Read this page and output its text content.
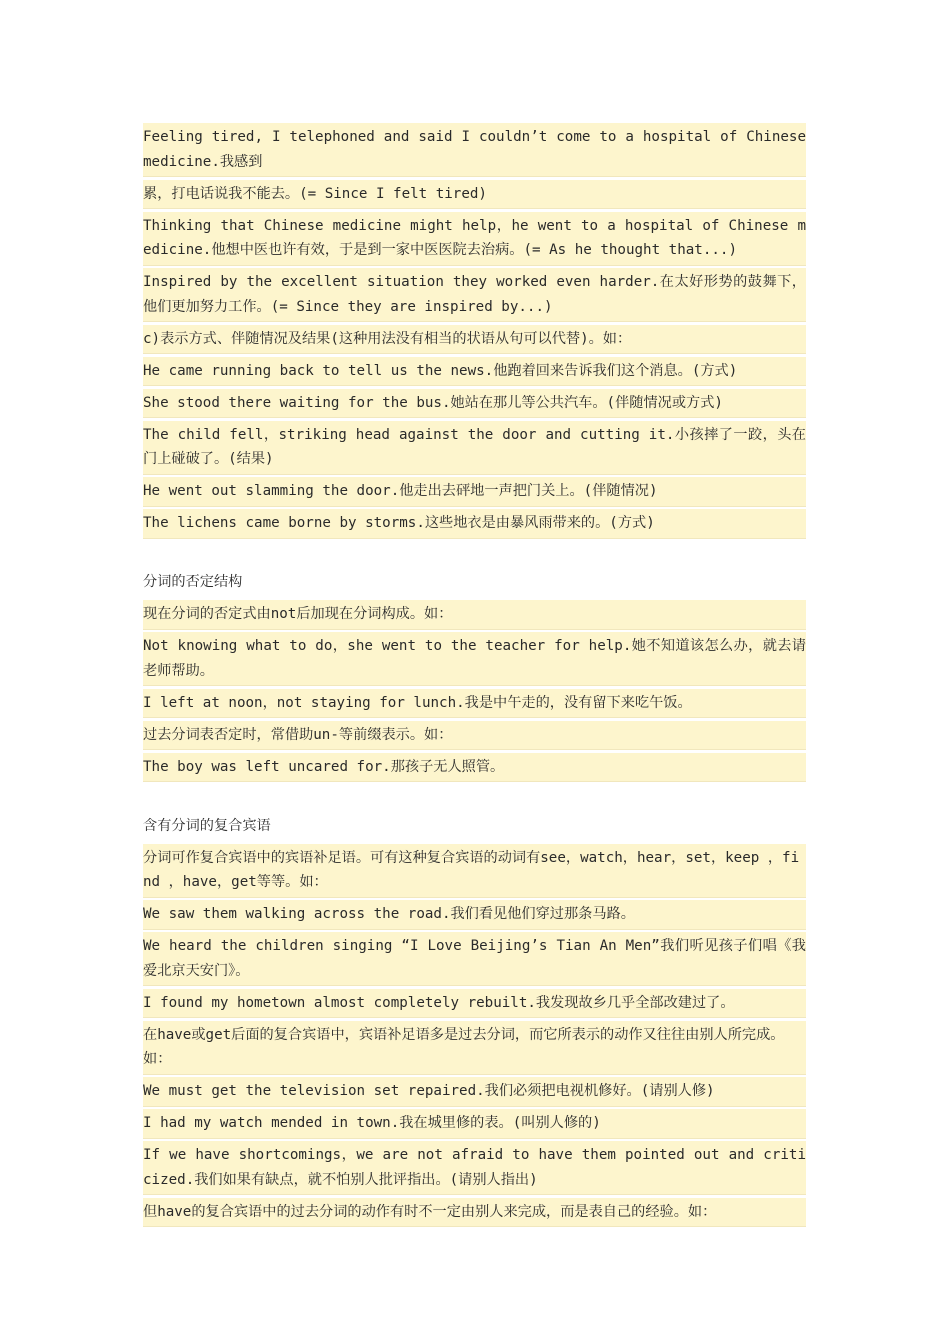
Feeling tired, I telephoned and said I couldn’t come to a hospital of Chinese medicine.我感到
累，打电话说我不能去。(= Since I felt tired)
Thinking that Chinese medicine might help，he went to a hospital of Chinese medicine.他想中医也许有效，于是到一家中医医院去治病。(= As he thought that...)
Inspired by the excellent situation they worked even harder.在太好形势的鼓舞下，他们更加努力工作。(= Since they are inspired by...)
c)表示方式、伴随情况及结果(这种用法没有相当的状语从句可以代替)。如：
He came running back to tell us the news.他跑着回来告诉我们这个消息。(方式)
She stood there waiting for the bus.她站在那儿等公共汽车。(伴随情况或方式)
The child fell，striking head against the door and cutting it.小孩摔了一跤，头在门上碰破了。(结果)
He went out slamming the door.他走出去砰地一声把门关上。(伴随情况)
The lichens came borne by storms.这些地衣是由暴风雨带来的。(方式)
分词的否定结构
现在分词的否定式由not后加现在分词构成。如：
Not knowing what to do，she went to the teacher for help.她不知道该怎么办，就去请老师帮助。
I left at noon，not staying for lunch.我是中午走的，没有留下来吃午饭。
过去分词表否定时，常借助un-等前缀表示。如：
The boy was left uncared for.那孩子无人照管。
含有分词的复合宾语
分词可作复合宾语中的宾语补足语。可有这种复合宾语的动词有see，watch，hear，set，keep ，find ，have，get等等。如：
We saw them walking across the road.我们看见他们穿过那条马路。
We heard the children singing “I Love Beijing’s Tian An Men”我们听见孩子们唱《我爱北京天安门》。
I found my hometown almost completely rebuilt.我发现故乡几乎全部改建过了。
在have或get后面的复合宾语中，宾语补足语多是过去分词，而它所表示的动作又往往由别人所完成。如：
We must get the television set repaired.我们必须把电视机修好。(请别人修)
I had my watch mended in town.我在城里修的表。(叫别人修的)
If we have shortcomings，we are not afraid to have them pointed out and criticized.我们如果有缺点，就不怕别人批评指出。(请别人指出)
但have的复合宾语中的过去分词的动作有时不一定由别人来完成，而是表自己的经验。如：
